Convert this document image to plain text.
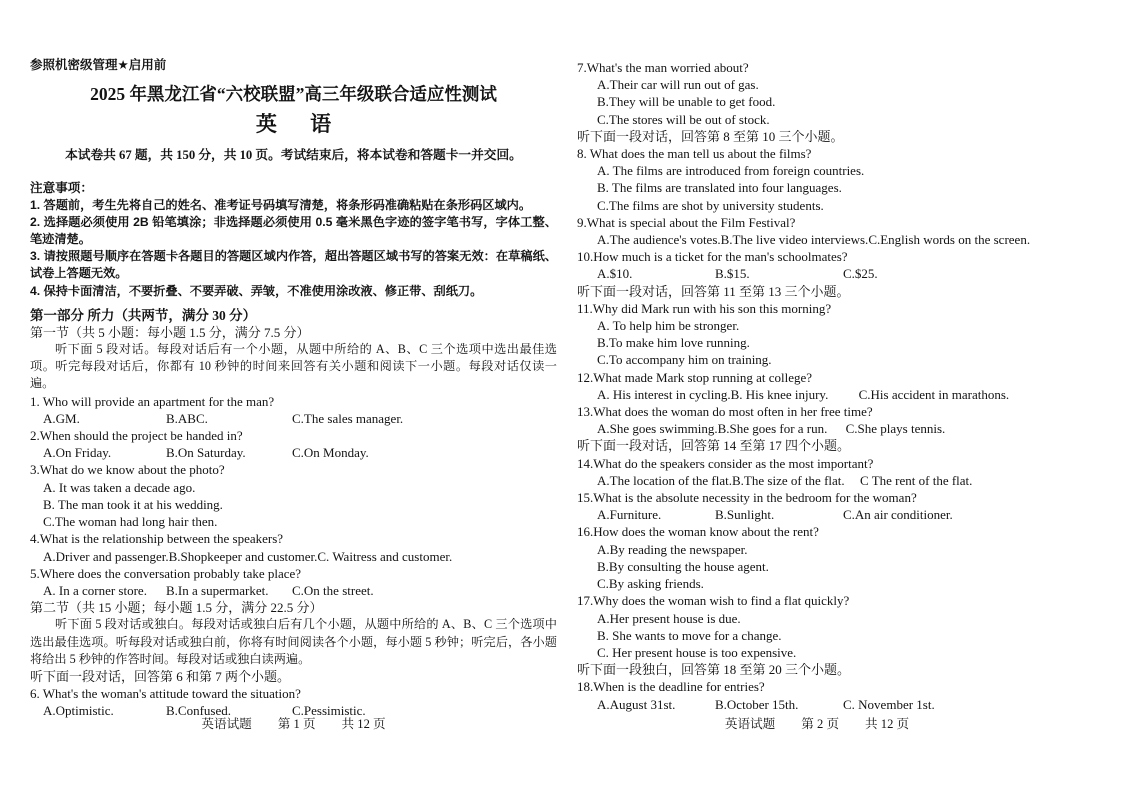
参照机密级管理★启用前
2025 年黑龙江省“六校联盟”高三年级联合适应性测试
英 语
本试卷共 67 题，共 150 分，共 10 页。考试结束后，将本试卷和答题卡一并交回。
注意事项：
1. 答题前，考生先将自己的姓名、准考证号码填写清楚，将条形码准确粘贴在条形码区域内。
2. 选择题必须使用 2B 铅笔填涂；非选择题必须使用 0.5 毫米黑色字迹的签字笔书写，字体工整、笔迹清楚。
3. 请按照题号顺序在答题卡各题目的答题区域内作答，超出答题区域书写的答案无效：在草稿纸、试卷上答题无效。
4. 保持卡面清洁，不要折叠、不要弄破、弄皱，不准使用涂改液、修正带、刮纸刀。
第一部分 所力（共两节，满分 30 分）
第一节（共 5 小题：每小题 1.5 分，满分 7.5 分）
听下面 5 段对话。每段对话后有一个小题，从题中所给的 A、B、C 三个选项中选出最佳选项。听完每段对话后，你都有 10 秒钟的时间来回答有关小题和阅读下一小题。每段对话仅读一遍。
1. Who will provide an apartment for the man?
A.GM.	B.ABC.	C.The sales manager.
2.When should the project be handed in?
A.On Friday.	B.On Saturday.	C.On Monday.
3.What do we know about the photo?
A. It was taken a decade ago.
B. The man took it at his wedding.
C.The woman had long hair then.
4.What is the relationship between the speakers?
A.Driver and passenger. B.Shopkeeper and customer. C. Waitress and customer.
5.Where does the conversation probably take place?
A. In a corner store.	B.In a supermarket.	C.On the street.
第二节（共 15 小题；每小题 1.5 分，满分 22.5 分）
听下面 5 段对话或独白。每段对话或独白后有几个小题，从题中所给的 A、B、C 三个选项中选出最佳选项。听每段对话或独白前，你将有时间阅读各个小题，每小题 5 秒钟；听完后，各小题将给出 5 秒钟的作答时间。每段对话或独白读两遍。
听下面一段对话，回答第 6 和第 7 两个小题。
6. What's the woman's attitude toward the situation?
A.Optimistic.	B.Confused.	C.Pessimistic.
7.What's the man worried about?
A.Their car will run out of gas.
B.They will be unable to get food.
C.The stores will be out of stock.
听下面一段对话，回答第 8 至第 10 三个小题。
8. What does the man tell us about the films?
A. The films are introduced from foreign countries.
B. The films are translated into four languages.
C.The films are shot by university students.
9.What is special about the Film Festival?
A.The audience's votes. B.The live video interviews. C.English words on the screen.
10.How much is a ticket for the man's schoolmates?
A.$10.	B.$15.	C.$25.
听下面一段对话，回答第 11 至第 13 三个小题。
11.Why did Mark run with his son this morning?
A. To help him be stronger.
B.To make him love running.
C.To accompany him on training.
12.What made Mark stop running at college?
A. His interest in cycling. B. His knee injury.	C.His accident in marathons.
13.What does the woman do most often in her free time?
A.She goes swimming. B.She goes for a run.	C.She plays tennis.
听下面一段对话，回答第 14 至第 17 四个小题。
14.What do the speakers consider as the most important?
A.The location of the flat. B.The size of the flat.	C The rent of the flat.
15.What is the absolute necessity in the bedroom for the woman?
A.Furniture.	B.Sunlight.	C.An air conditioner.
16.How does the woman know about the rent?
A.By reading the newspaper.
B.By consulting the house agent.
C.By asking friends.
17.Why does the woman wish to find a flat quickly?
A.Her present house is due.
B. She wants to move for a change.
C. Her present house is too expensive.
听下面一段独白，回答第 18 至第 20 三个小题。
18.When is the deadline for entries?
A.August 31st.	B.October 15th.	C. November 1st.
英语试题 第 1 页 共 12 页	英语试题 第 2 页 共 12 页
